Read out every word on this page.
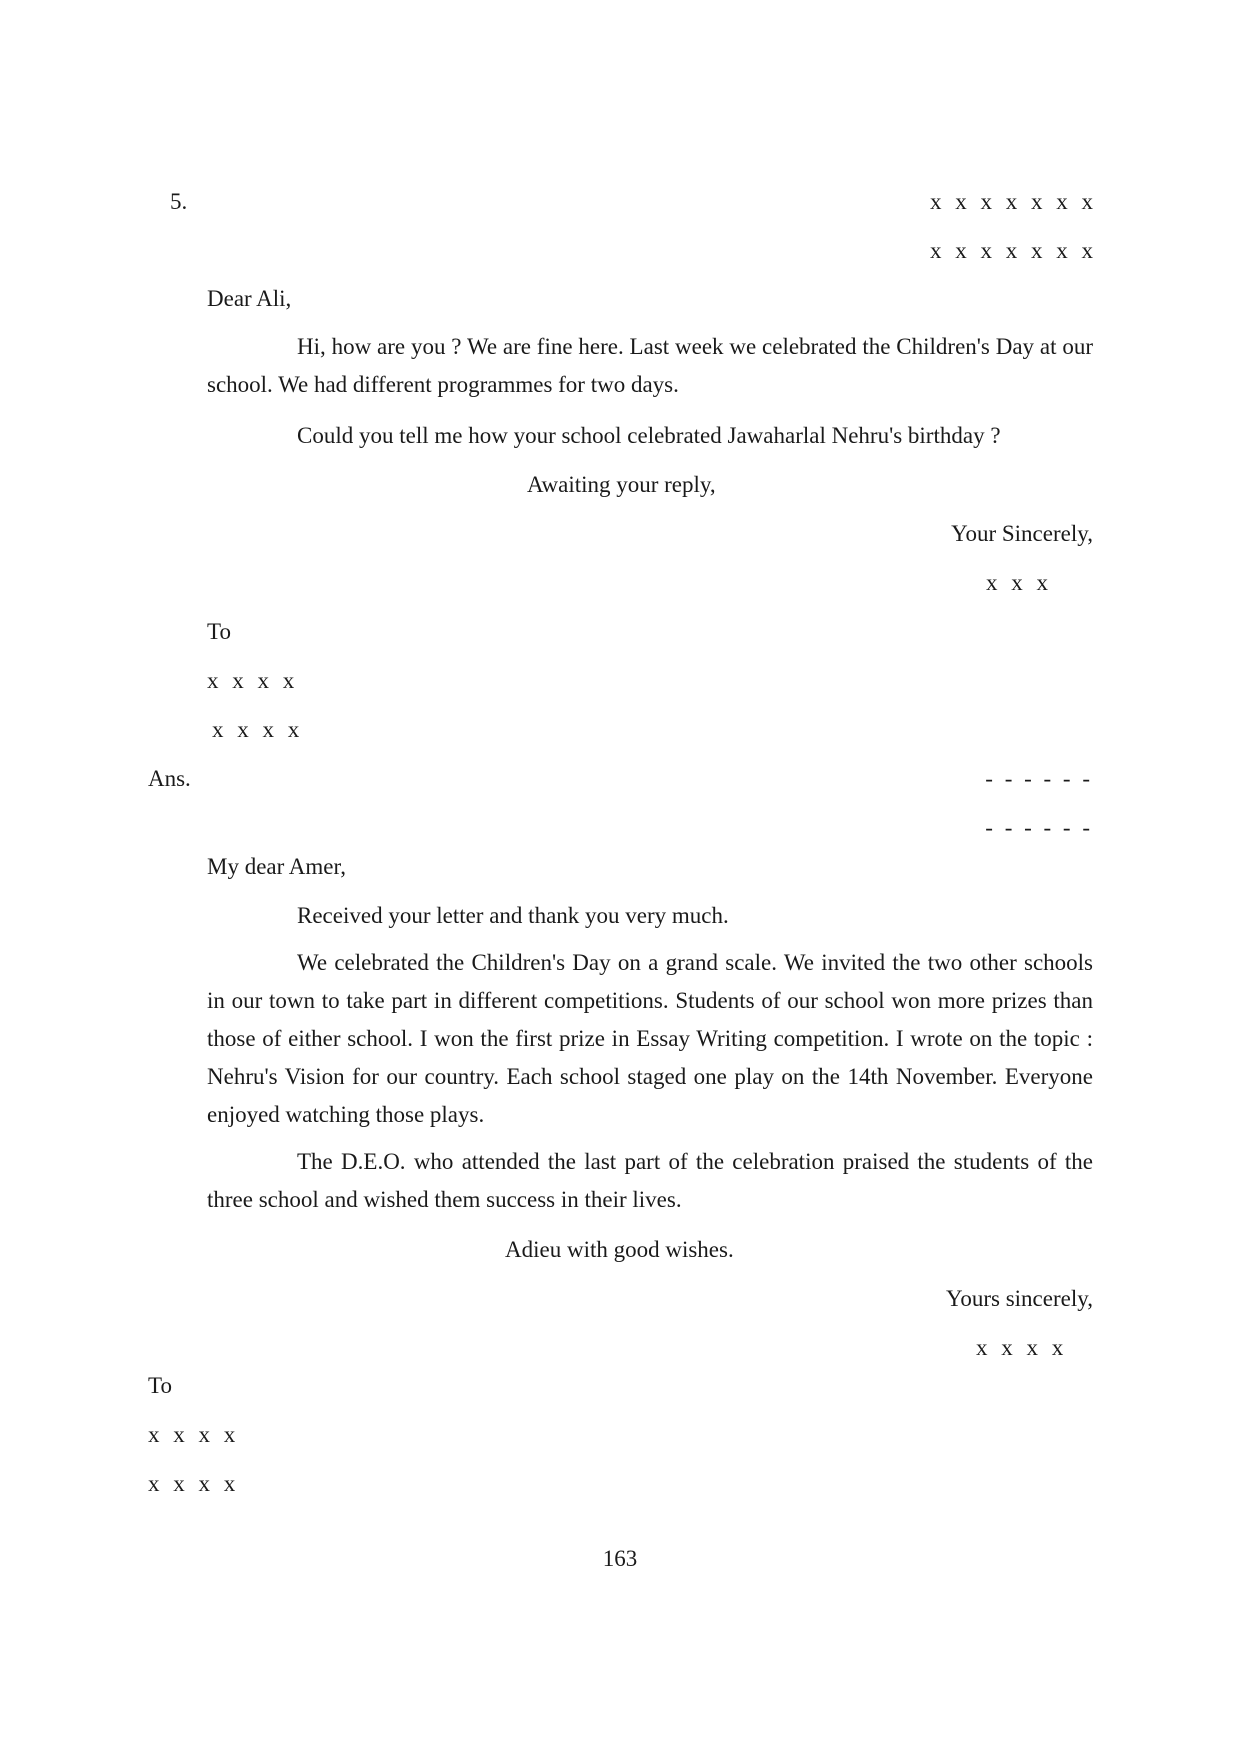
5.	x x x x x x x
x x x x x x x
Dear Ali,
Hi, how are you ? We are fine here. Last week we celebrated the Children's Day at our school. We had different programmes for two days.
Could you tell me how your school celebrated Jawaharlal Nehru's birthday ?
Awaiting your reply,
Your Sincerely,
x x x
To
x x x x
x x x x
Ans.	- - - - - -
- - - - - -
My dear Amer,
Received your letter and thank you very much.
We celebrated the Children's Day on a grand scale. We invited the two other schools in our town to take part in different competitions. Students of our school won more prizes than those of either school. I won the first prize in Essay Writing competition. I wrote on the topic : Nehru's Vision for our country. Each school staged one play on the 14th November. Everyone enjoyed watching those plays.
The D.E.O. who attended the last part of the celebration praised the students of the three school and wished them success in their lives.
Adieu with good wishes.
Yours sincerely,
x x x x
To
x x x x
x x x x
163
